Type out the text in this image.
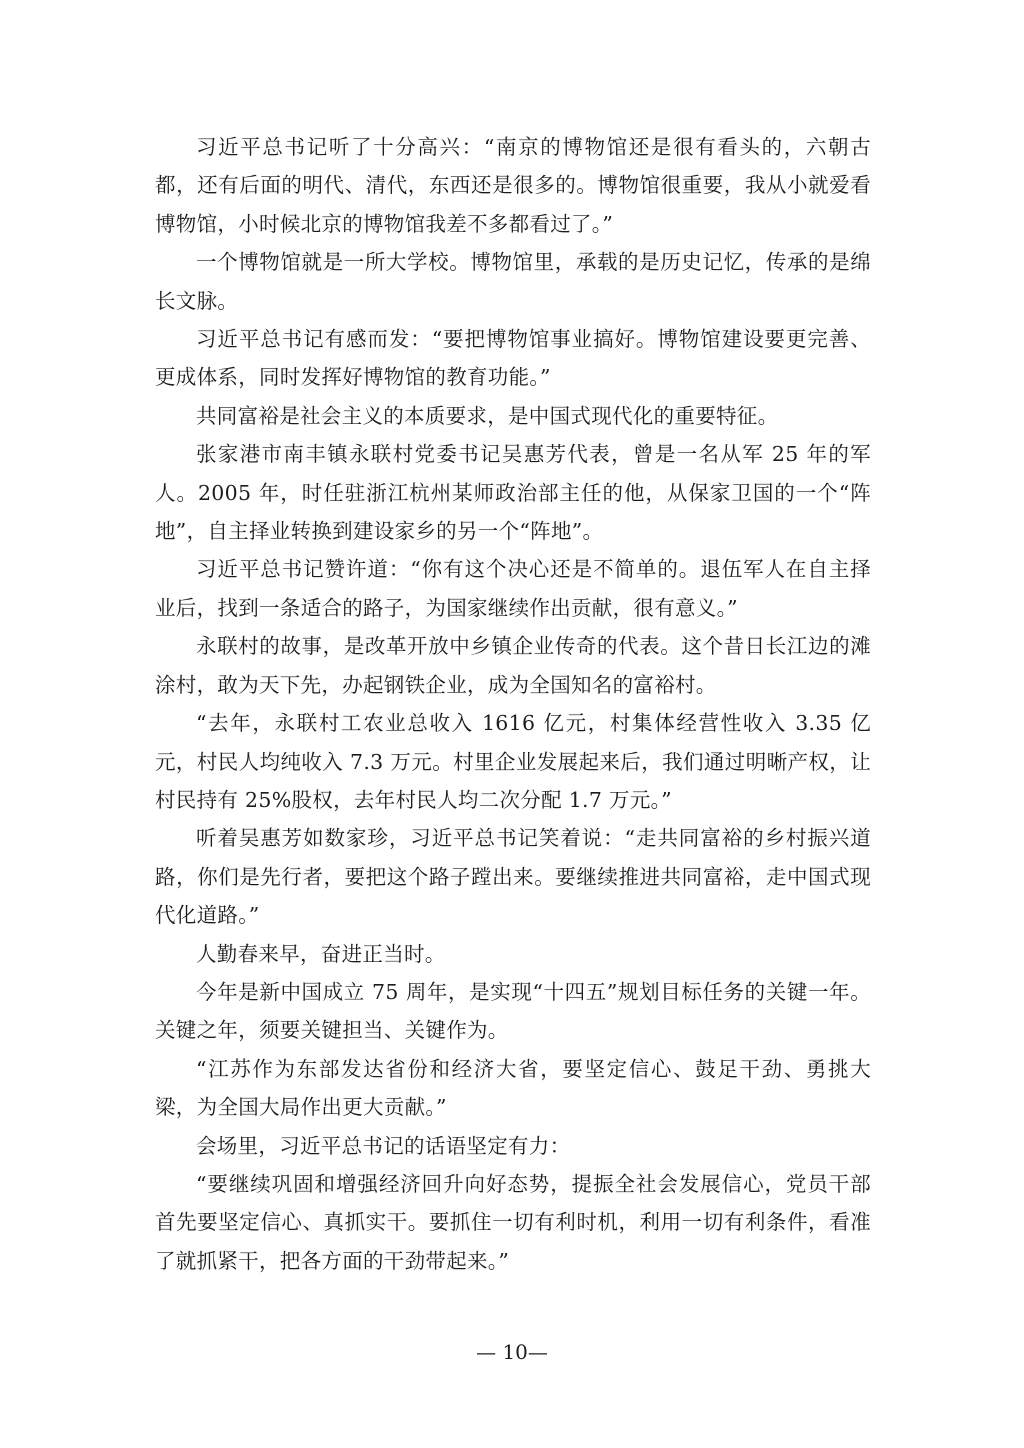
习近平总书记听了十分高兴：“南京的博物馆还是很有看头的，六朝古都，还有后面的明代、清代，东西还是很多的。博物馆很重要，我从小就爱看博物馆，小时候北京的博物馆我差不多都看过了。”

一个博物馆就是一所大学校。博物馆里，承载的是历史记忆，传承的是绵长文脉。

习近平总书记有感而发：“要把博物馆事业搞好。博物馆建设要更完善、更成体系，同时发挥好博物馆的教育功能。”

共同富裕是社会主义的本质要求，是中国式现代化的重要特征。

张家港市南丰镇永联村党委书记吴惠芳代表，曾是一名从军 25 年的军人。2005 年，时任驻浙江杭州某师政治部主任的他，从保家卫国的一个“阵地”，自主择业转换到建设家乡的另一个“阵地”。

习近平总书记赞许道：“你有这个决心还是不简单的。退伍军人在自主择业后，找到一条适合的路子，为国家继续作出贡献，很有意义。”

永联村的故事，是改革开放中乡镇企业传奇的代表。这个昔日长江边的滩涂村，敢为天下先，办起钢铁企业，成为全国知名的富裕村。

“去年，永联村工农业总收入 1616 亿元，村集体经营性收入 3.35 亿元，村民人均纯收入 7.3 万元。村里企业发展起来后，我们通过明晰产权，让村民持有 25%股权，去年村民人均二次分配 1.7 万元。”

听着吴惠芳如数家珍，习近平总书记笑着说：“走共同富裕的乡村振兴道路，你们是先行者，要把这个路子蹚出来。要继续推进共同富裕，走中国式现代化道路。”

人勤春来早，奋进正当时。

今年是新中国成立 75 周年，是实现“十四五”规划目标任务的关键一年。关键之年，须要关键担当、关键作为。

“江苏作为东部发达省份和经济大省，要坚定信心、鼓足干劲、勇挑大梁，为全国大局作出更大贡献。”

会场里，习近平总书记的话语坚定有力：

“要继续巩固和增强经济回升向好态势，提振全社会发展信心，党员干部首先要坚定信心、真抓实干。要抓住一切有利时机，利用一切有利条件，看准了就抓紧干，把各方面的干劲带起来。”

— 10—
